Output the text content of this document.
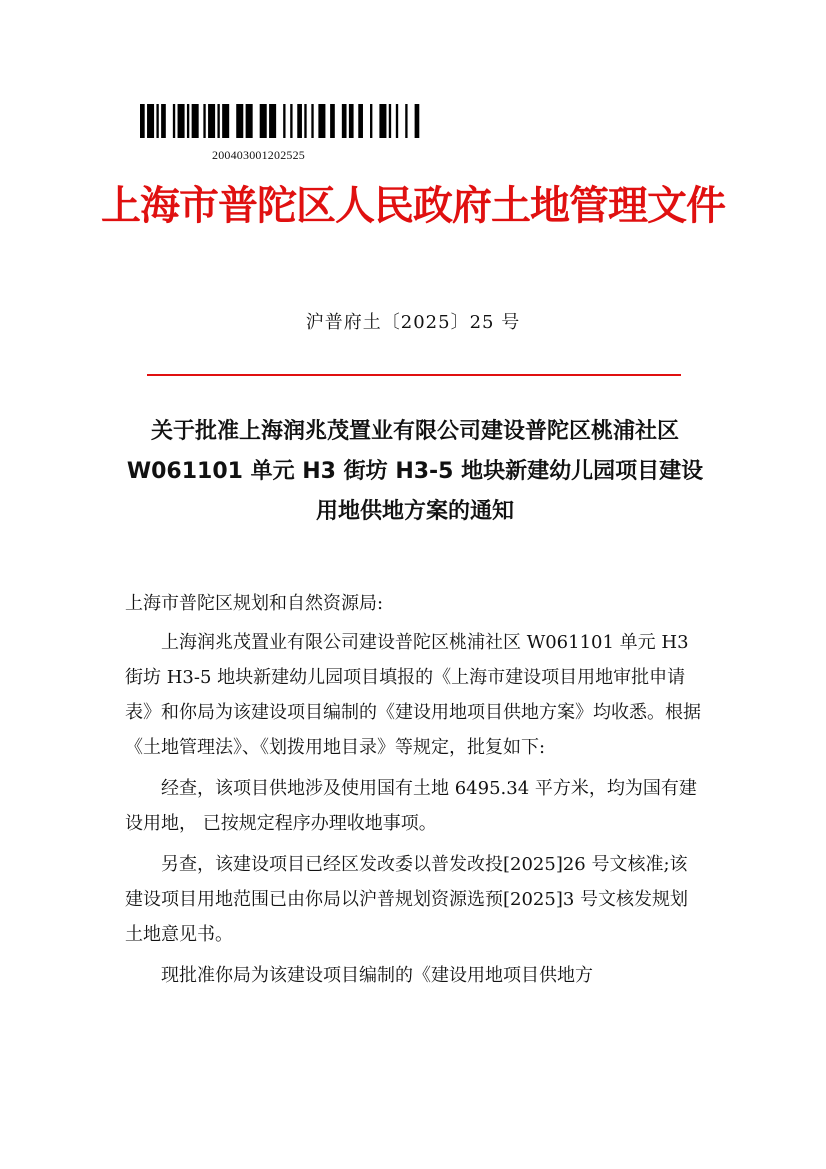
200403001202525
上海市普陀区人民政府土地管理文件
沪普府土〔2025〕25 号
关于批准上海润兆茂置业有限公司建设普陀区桃浦社区 W061101 单元 H3 街坊 H3-5 地块新建幼儿园项目建设用地供地方案的通知

上海市普陀区规划和自然资源局:

上海润兆茂置业有限公司建设普陀区桃浦社区 W061101 单元 H3 街坊 H3-5 地块新建幼儿园项目填报的《上海市建设项目用地审批申请表》和你局为该建设项目编制的《建设用地项目供地方案》均收悉。根据《土地管理法》、《划拨用地目录》等规定，批复如下:

经查，该项目供地涉及使用国有土地 6495.34 平方米，均为国有建设用地， 已按规定程序办理收地事项。

另查，该建设项目已经区发改委以普发改投[2025]26 号文核准;该建设项目用地范围已由你局以沪普规划资源选预[2025]3 号文核发规划土地意见书。

现批准你局为该建设项目编制的《建设用地项目供地方
